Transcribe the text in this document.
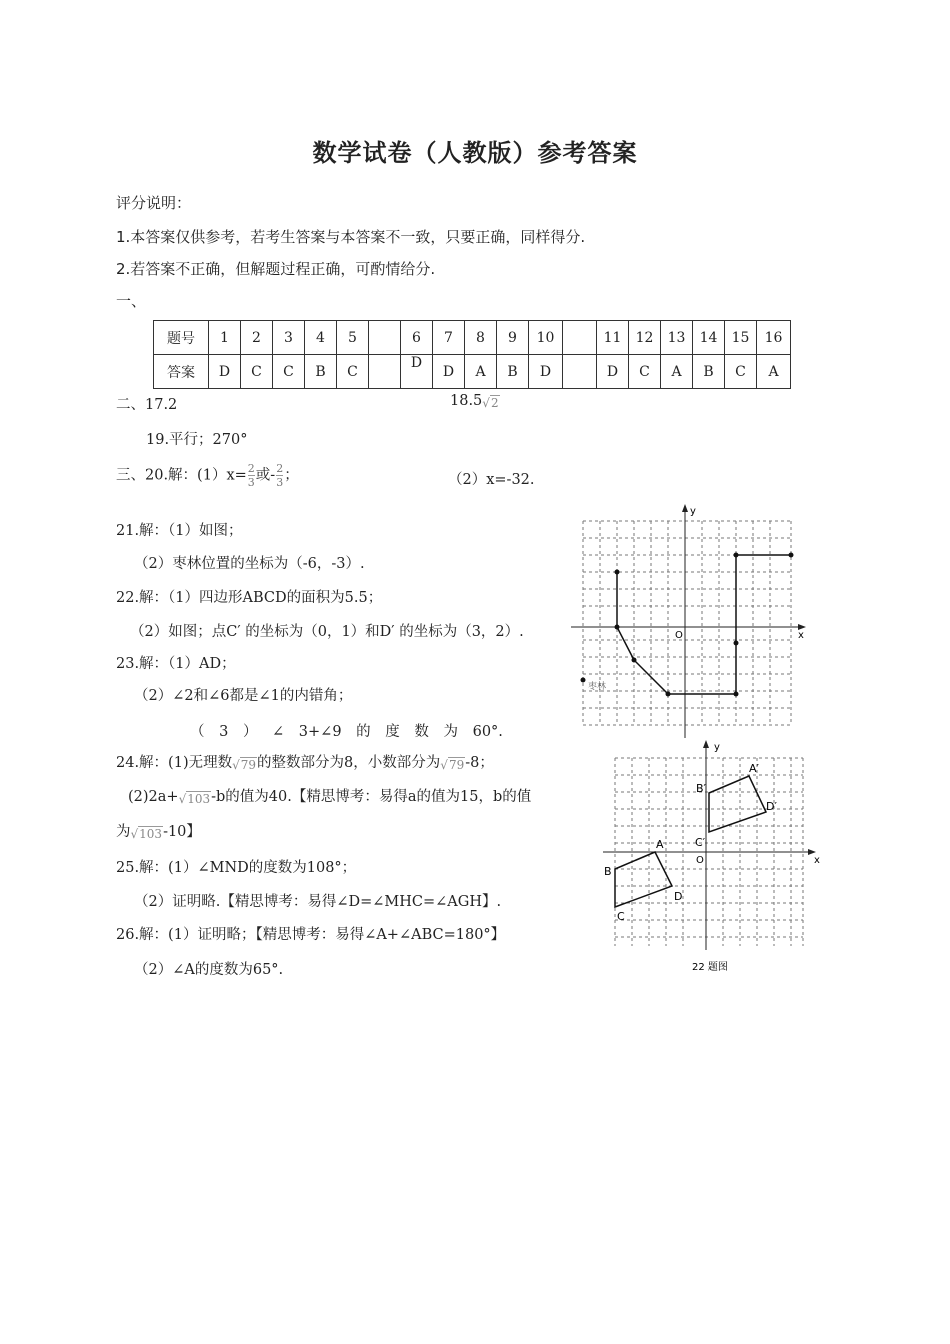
数学试卷（人教版）参考答案
评分说明：
1.本答案仅供参考，若考生答案与本答案不一致，只要正确，同样得分.
2.若答案不正确，但解题过程正确，可酌情给分.
一、
题号	1	2	3	4	5		6	7	8	9	10		11	12	13	14	15	16
答案	D	C	C	B	C		D	D	A	B	D		D	C	A	B	C	A
二、17.2	18.5√2
19.平行；270°
三、20.解：$(1)x= \frac{2}{3}$ 或- $\frac{2}{3}$ ；	（2）x=-32.
21.解：（1）如图；
（2）枣林位置的坐标为（-6，-3）.
22.解：（1）四边形ABCD的面积为5.5；
（2）如图；点C′ 的坐标为（0，1）和D′ 的坐标为（3，2）.
23.解：（1）AD；
（2）∠2和∠6都是∠1的内错角；
（ 3 ） ∠ 3+∠9 的 度 数 为 60°.
24.解：(1)无理数√79的整数部分为8，小数部分为√79-8；
(2)2a+√103-b的值为40.【精思博考：易得a的值为15，b的值
为√103-10】
25.解：(1）∠MND的度数为108°；
（2）证明略.【精思博考：易得∠D=∠MHC=∠AGH】.
26.解：(1）证明略；【精思博考：易得∠A+∠ABC=180°】
（2）∠A的度数为65°.
x
y
O
枣林
x
y
O
A
B
C
D
A′
B′
C′
D′
22 题图
